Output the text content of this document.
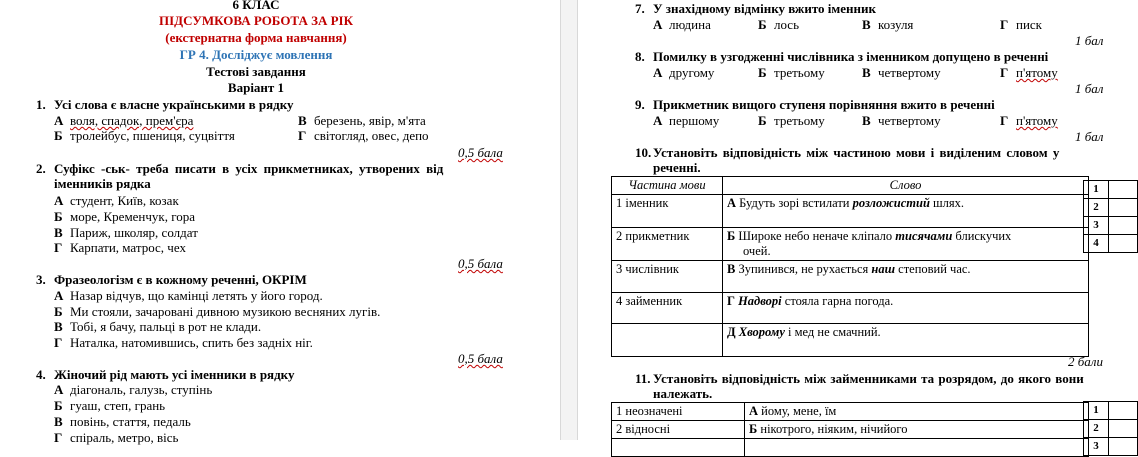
6 КЛАС
ПІДСУМКОВА РОБОТА ЗА РІК
(екстернатна форма навчання)
ГР 4. Досліджує мовлення
Тестові завдання
Варіант 1
1. Усі слова є власне українськими в рядку
А воля, спадок, прем'єра	В березень, явір, м'ята
Б тролейбус, пшениця, суцвіття	Г світогляд, овес, депо
0,5 бала
2. Суфікс -ськ- треба писати в усіх прикметниках, утворених від
іменників рядка
А студент, Київ, козак
Б море, Кременчук, гора
В Париж, школяр, солдат
Г Карпати, матрос, чех
0,5 бала
3. Фразеологізм є в кожному реченні, ОКРІМ
А Назар відчув, що камінці летять у його город.
Б Ми стояли, зачаровані дивною музикою весняних лугів.
В Тобі, я бачу, пальці в рот не клади.
Г Наталка, натомившись, спить без задніх ніг.
0,5 бала
4. Жіночий рід мають усі іменники в рядку
А діагональ, галузь, ступінь
Б гуаш, степ, грань
В повінь, стаття, педаль
Г спіраль, метро, вісь
7. У знахідному відмінку вжито іменник
А людина	Б лось	В козуля	Г писк
1 бал
8. Помилку в узгодженні числівника з іменником допущено в реченні
А другому	Б третьому	В четвертому	Г п'ятому
1 бал
9. Прикметник вищого ступеня порівняння вжито в реченні
А першому	Б третьому	В четвертому	Г п'ятому
1 бал
10. Установіть відповідність між частиною мови і виділеним словом у
реченні.
Частина мови	Слово
1 іменник	А Будуть зорі встилати розложистий шлях.
2 прикметник	Б Широке небо неначе кліпало тисячами блискучих
очей.
3 числівник	В Зупинився, не рухається наш степовий час.
4 займенник	Г Надворі стояла гарна погода.
	Д Хворому і мед не смачний.
1	
2	
3	
4	
2 бали
11. Установіть відповідність між займенниками та розрядом, до якого вони
належать.
1 неозначені	А йому, мене, їм
2 відносні	Б нікотрого, ніяким, нічийого

1	
2	
3	
